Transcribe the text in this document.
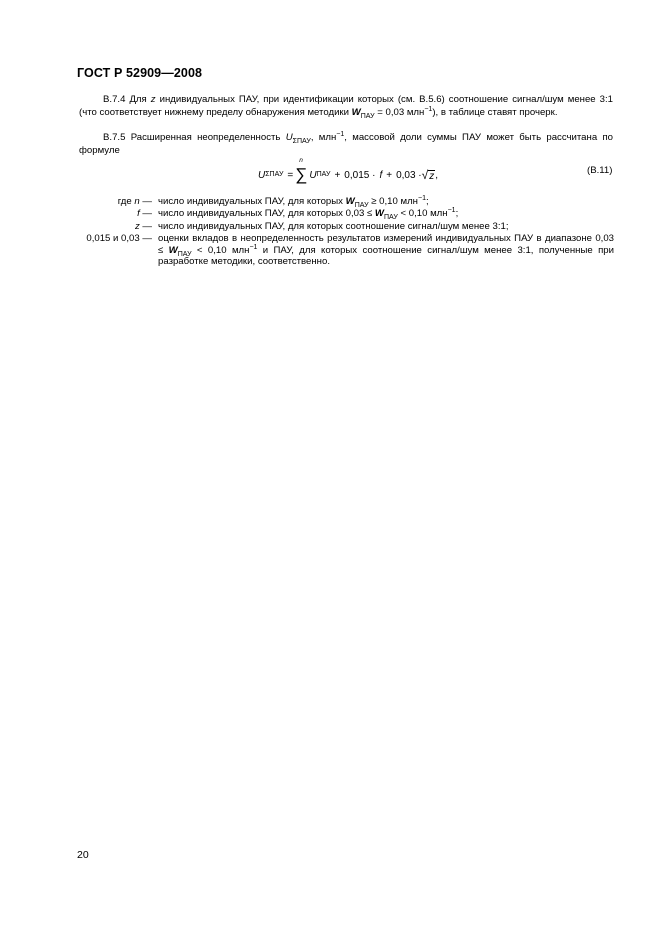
ГОСТ Р 52909—2008
В.7.4 Для z индивидуальных ПАУ, при идентификации которых (см. В.5.6) соотношение сигнал/шум менее 3:1 (что соответствует нижнему пределу обнаружения методики $W_{ПАУ} = 0,03$ млн$^{-1}$), в таблице ставят прочерк.
В.7.5 Расширенная неопределенность $U_{\Sigma ПАУ}$, млн$^{-1}$, массовой доли суммы ПАУ может быть рассчитана по формуле
U ΣПАУ = ∑
n
U ПАУ + 0,015 · f + 0,03 · √ z ,	(В.11)
где n — число индивидуальных ПАУ, для которых $W_{ПАУ} \ge 0,10$ млн$^{-1}$;
f — число индивидуальных ПАУ, для которых $0,03 \le W_{ПАУ} < 0,10$ млн$^{-1}$;
z — число индивидуальных ПАУ, для которых соотношение сигнал/шум менее 3:1;
0,015 и 0,03 — оценки вкладов в неопределенность результатов измерений индивидуальных ПАУ в диапазоне $0,03 \le W_{ПАУ} < 0,10$ млн$^{-1}$ и ПАУ, для которых соотношение сигнал/шум менее 3:1, полученные при разработке методики, соответственно.
20
